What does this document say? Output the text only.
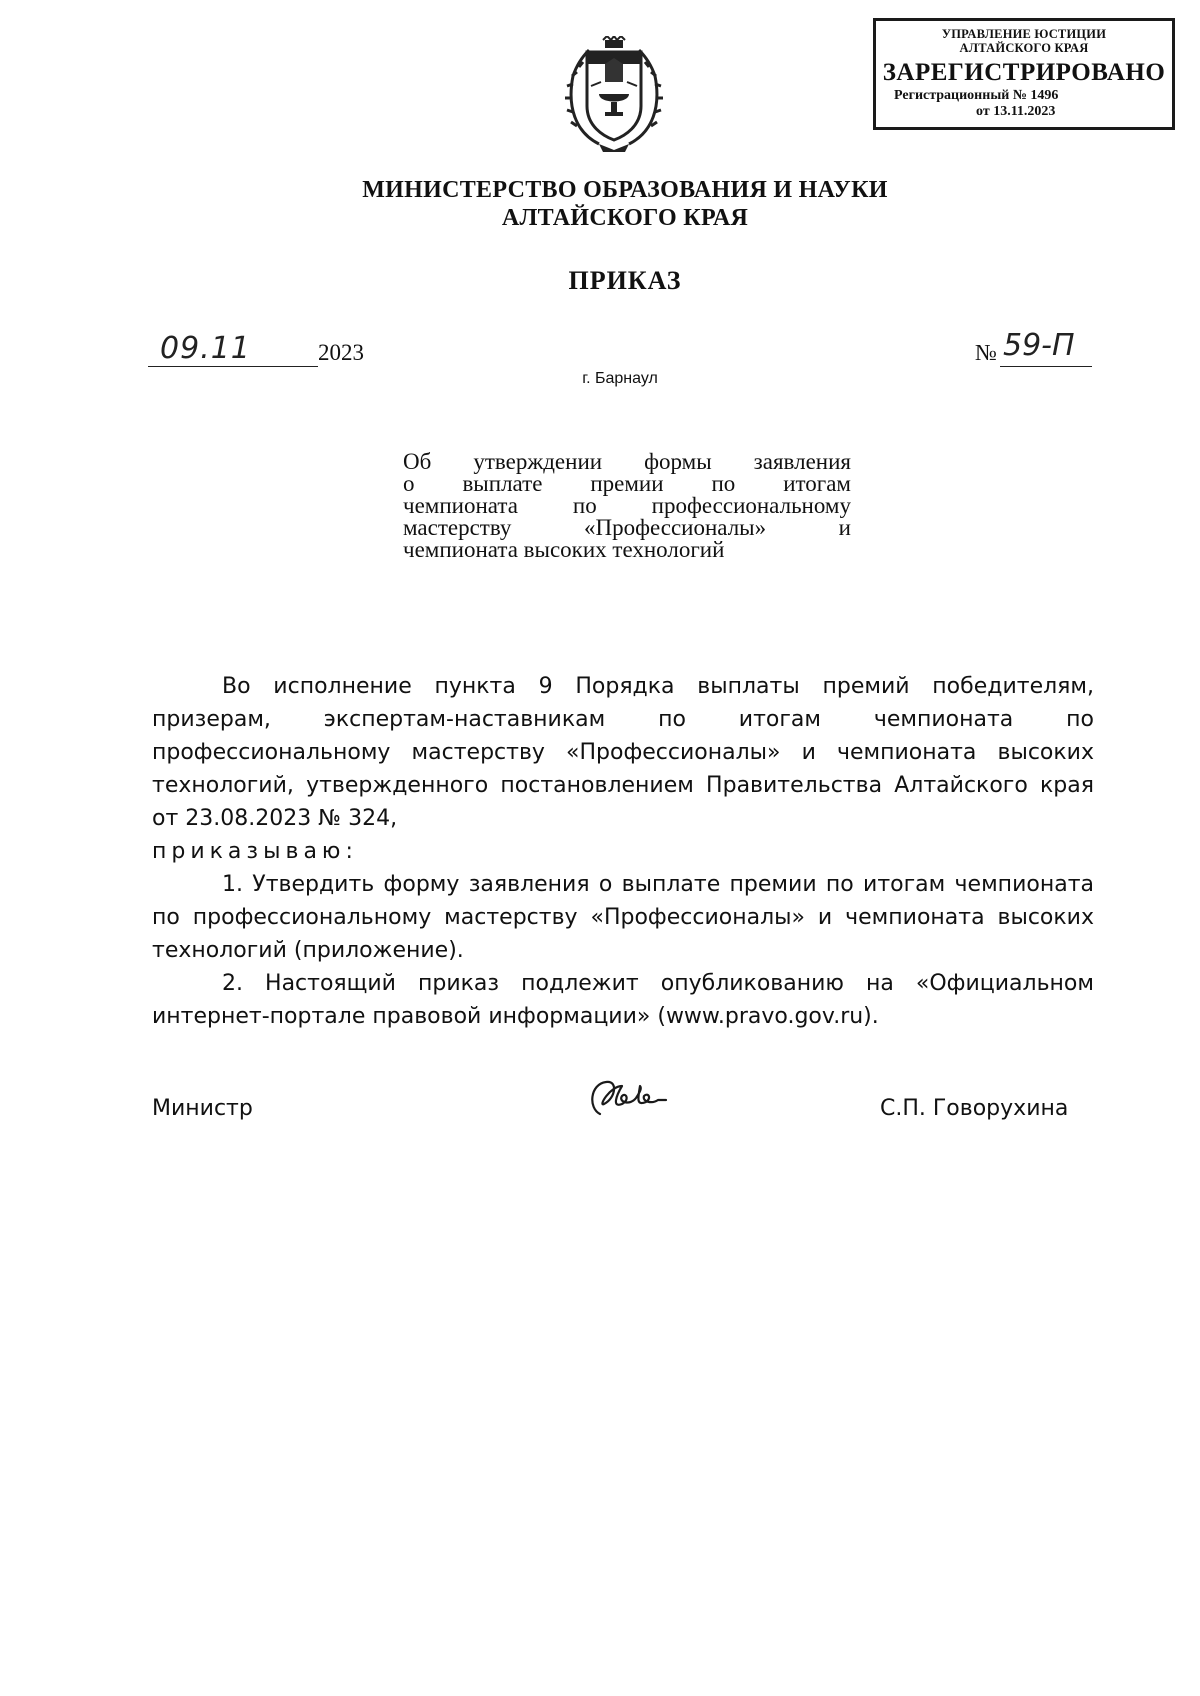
УПРАВЛЕНИЕ ЮСТИЦИИ
АЛТАЙСКОГО КРАЯ
ЗАРЕГИСТРИРОВАНО
Регистрационный № 1496
от 13.11.2023
МИНИСТЕРСТВО ОБРАЗОВАНИЯ И НАУКИ
АЛТАЙСКОГО КРАЯ
ПРИКАЗ
09.11	2023	№ 59-П
г. Барнаул
Об утверждении формы заявления
о выплате премии по итогам
чемпионата по профессиональному
мастерству «Профессионалы» и
чемпионата высоких технологий

Во исполнение пункта 9 Порядка выплаты премий победителям, призерам, экспертам-наставникам по итогам чемпионата по профессиональному мастерству «Профессионалы» и чемпионата высоких технологий, утвержденного постановлением Правительства Алтайского края от 23.08.2023 № 324,

приказываю:

1. Утвердить форму заявления о выплате премии по итогам чемпионата по профессиональному мастерству «Профессионалы» и чемпионата высоких технологий (приложение).

2. Настоящий приказ подлежит опубликованию на «Официальном интернет-портале правовой информации» (www.pravo.gov.ru).

Министр	С.П. Говорухина
